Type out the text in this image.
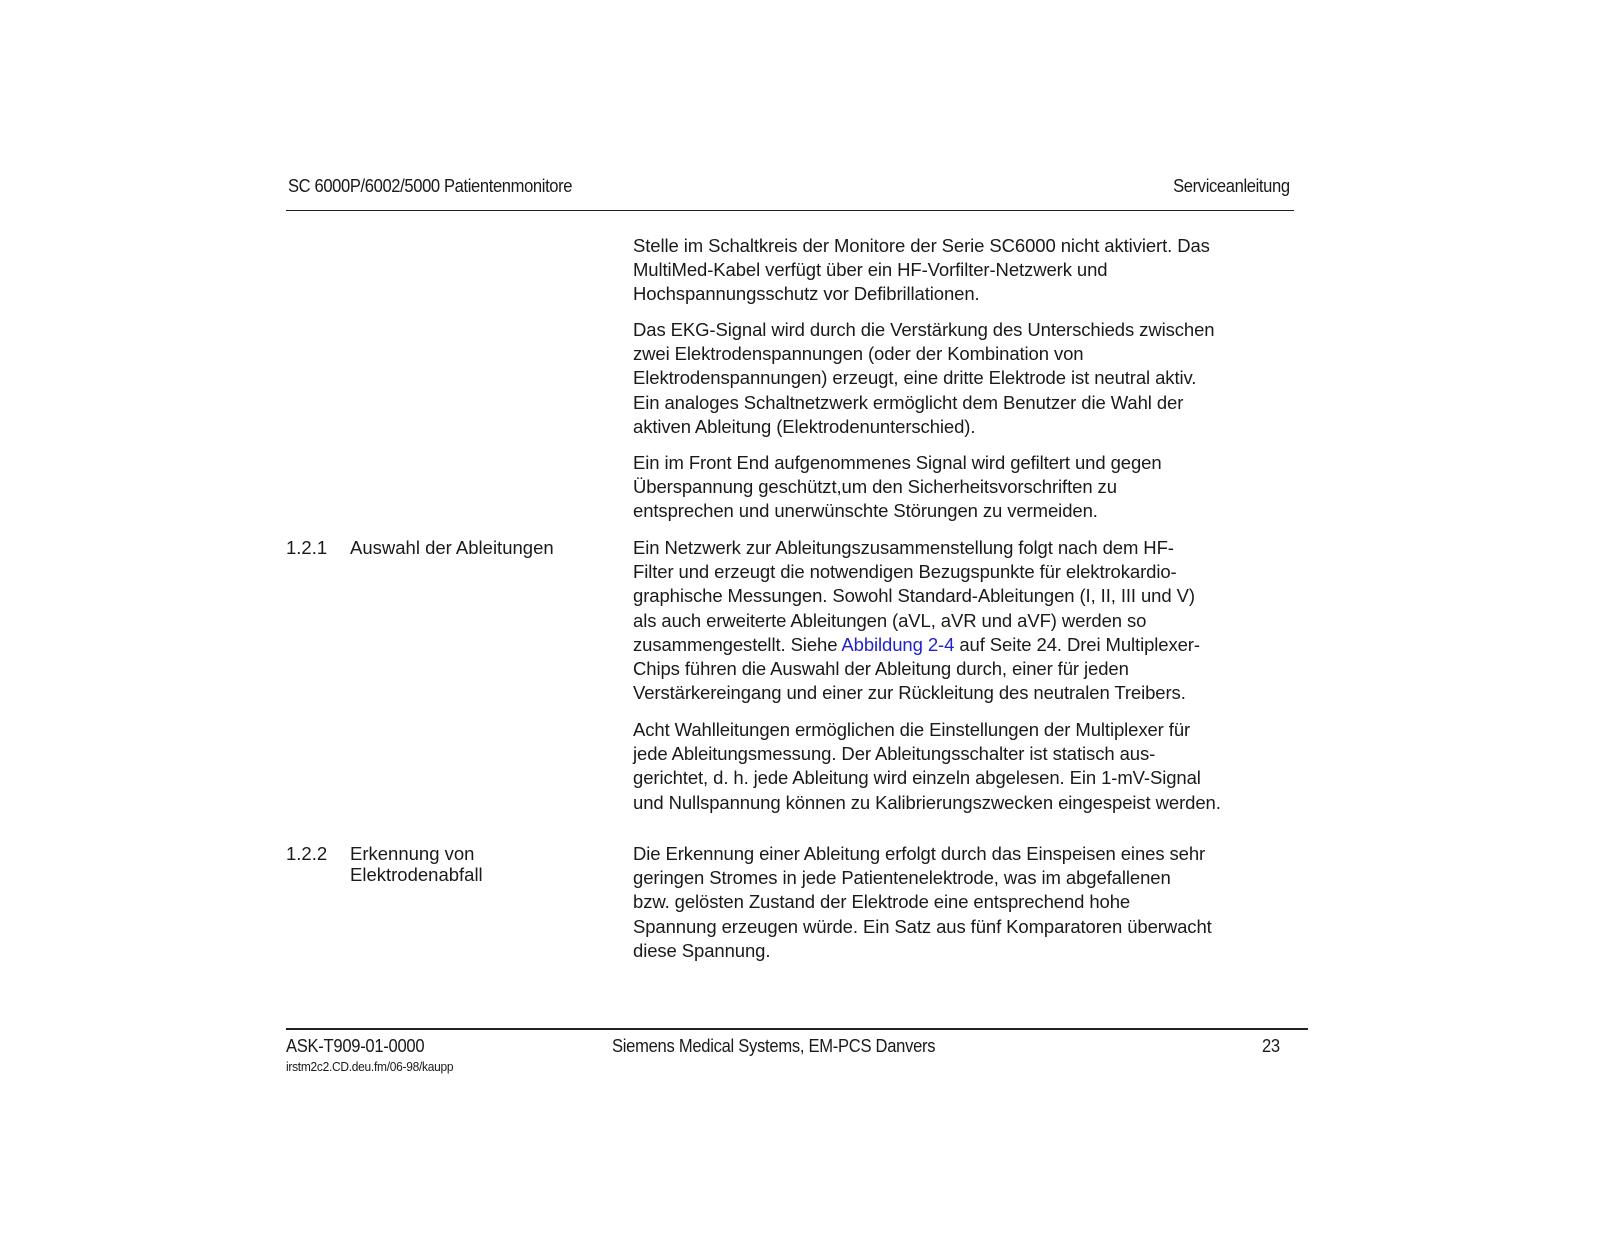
SC 6000P/6002/5000 Patientenmonitore	Serviceanleitung

Stelle im Schaltkreis der Monitore der Serie SC6000 nicht aktiviert. Das
MultiMed-Kabel verfügt über ein HF-Vorfilter-Netzwerk und
Hochspannungsschutz vor Defibrillationen.

Das EKG-Signal wird durch die Verstärkung des Unterschieds zwischen
zwei Elektrodenspannungen (oder der Kombination von
Elektrodenspannungen) erzeugt, eine dritte Elektrode ist neutral aktiv.
Ein analoges Schaltnetzwerk ermöglicht dem Benutzer die Wahl der
aktiven Ableitung (Elektrodenunterschied).

Ein im Front End aufgenommenes Signal wird gefiltert und gegen
Überspannung geschützt,um den Sicherheitsvorschriften zu
entsprechen und unerwünschte Störungen zu vermeiden.

1.2.1 Auswahl der Ableitungen	Ein Netzwerk zur Ableitungszusammenstellung folgt nach dem HF-
Filter und erzeugt die notwendigen Bezugspunkte für elektrokardio-
graphische Messungen. Sowohl Standard-Ableitungen (I, II, III und V)
als auch erweiterte Ableitungen (aVL, aVR und aVF) werden so
zusammengestellt. Siehe Abbildung 2-4 auf Seite 24. Drei Multiplexer-
Chips führen die Auswahl der Ableitung durch, einer für jeden
Verstärkereingang und einer zur Rückleitung des neutralen Treibers.

Acht Wahlleitungen ermöglichen die Einstellungen der Multiplexer für
jede Ableitungsmessung. Der Ableitungsschalter ist statisch aus-
gerichtet, d. h. jede Ableitung wird einzeln abgelesen. Ein 1-mV-Signal
und Nullspannung können zu Kalibrierungszwecken eingespeist werden.

1.2.2 Erkennung von
Elektrodenabfall

Die Erkennung einer Ableitung erfolgt durch das Einspeisen eines sehr
geringen Stromes in jede Patientenelektrode, was im abgefallenen
bzw. gelösten Zustand der Elektrode eine entsprechend hohe
Spannung erzeugen würde. Ein Satz aus fünf Komparatoren überwacht
diese Spannung.

ASK-T909-01-0000
irstm2c2.CD.deu.fm/06-98/kaupp
Siemens Medical Systems, EM-PCS Danvers	23
